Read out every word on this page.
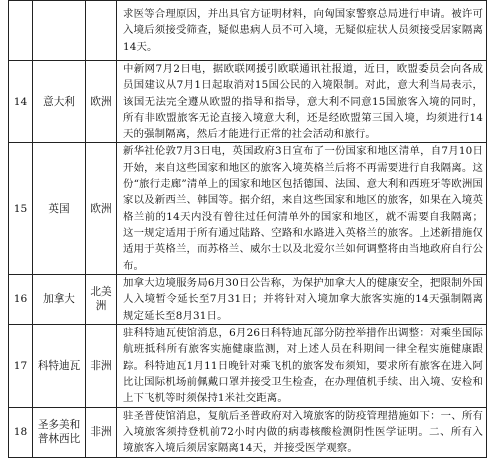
			求医等合理原因，并出具官方证明材料，向匈国家警察总局进行申请。被许可入境后须接受筛查，疑似患病人员不可入境，无疑似症状人员须接受居家隔离14天。
14	意大利	欧洲	中新网7月2日电，据欧联网援引欧联通讯社报道，近日，欧盟委员会向各成员国建议从7月1日起取消对15国公民的入境限制。对此，意大利当局表示，该国无法完全遵从欧盟的指导和指导，意大利不同意15国旅客入境的同时，所有非欧盟旅客无论直接入境意大利，还是经欧盟第三国入境，均须进行14天的强制隔离，然后才能进行正常的社会活动和旅行。
15	英国	欧洲	新华社伦敦7月3日电，英国政府3日宣布了一份国家和地区清单，自7月10日开始，来自这些国家和地区的旅客入境英格兰后将不再需要进行自我隔离。这份“旅行走廊”清单上的国家和地区包括德国、法国、意大利和西班牙等欧洲国家以及新西兰、韩国等。据介绍，来自这些国家和地区的旅客，如果在入境英格兰前的14天内没有曾往过任何清单外的国家和地区，就不需要自我隔离；这一规定适用于所有通过陆路、空路和水路进入英格兰的旅客。上述新措施仅适用于英格兰，而苏格兰、威尔士以及北爱尔兰如何调整将由当地政府自行公布。
16	加拿大	北美洲	加拿大边境服务局6月30日公告称，为保护加拿大人的健康安全，把限制外国人入境暂令延长至7月31日；并将针对入境加拿大旅客实施的14天强制隔离规定延长至8月31日。
17	科特迪瓦	非洲	驻科特迪瓦使馆消息，6月26日科特迪瓦部分防控举措作出调整：对乘坐国际航班抵科所有旅客实施健康监测，对上述人员在科期间一律全程实施健康跟踪。科特迪瓦1月11日晚针对乘飞机的旅客发布须知，要求所有旅客在进入阿比让国际机场前佩戴口罩并接受卫生检查，在办理值机手续、出入境、安检和上下飞机等时须保持1米社交距离。
18	圣多美和普林西比	非洲	驻圣普使馆消息，复航后圣普政府对入境旅客的防疫管理措施如下：一、所有入境旅客须持登机前72小时内做的病毒核酸检测阴性医学证明。二、所有入境旅客入境后须居家隔离14天，并接受医学观察。
